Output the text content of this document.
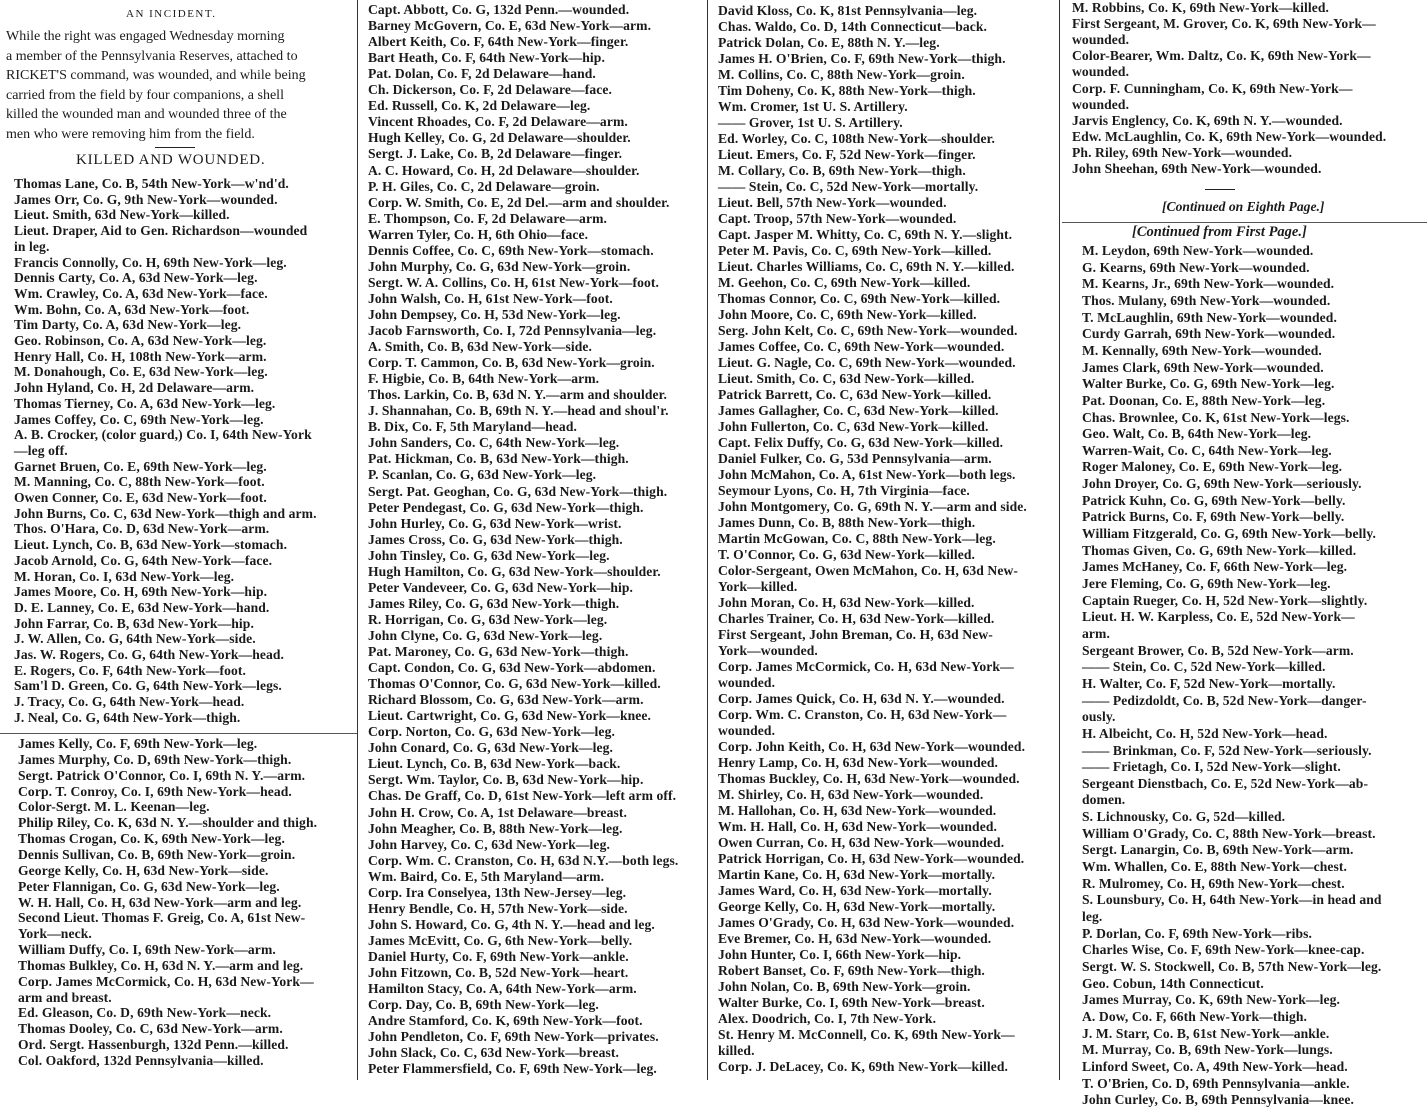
AN INCIDENT.
While the right was engaged Wednesday morning
a member of the Pennsylvania Reserves, attached to
RICKET'S command, was wounded, and while being
carried from the field by four companions, a shell
killed the wounded man and wounded three of the
men who were removing him from the field.
KILLED AND WOUNDED.
Thomas Lane, Co. B, 54th New-York—w'nd'd.
James Orr, Co. G, 9th New-York—wounded.
Lieut. Smith, 63d New-York—killed.
Lieut. Draper, Aid to Gen. Richardson—wounded
in leg.
Francis Connolly, Co. H, 69th New-York—leg.
Dennis Carty, Co. A, 63d New-York—leg.
Wm. Crawley, Co. A, 63d New-York—face.
Wm. Bohn, Co. A, 63d New-York—foot.
Tim Darty, Co. A, 63d New-York—leg.
Geo. Robinson, Co. A, 63d New-York—leg.
Henry Hall, Co. H, 108th New-York—arm.
M. Donahough, Co. E, 63d New-York—leg.
John Hyland, Co. H, 2d Delaware—arm.
Thomas Tierney, Co. A, 63d New-York—leg.
James Coffey, Co. C, 69th New-York—leg.
A. B. Crocker, (color guard,) Co. I, 64th New-York
—leg off.
Garnet Bruen, Co. E, 69th New-York—leg.
M. Manning, Co. C, 88th New-York—foot.
Owen Conner, Co. E, 63d New-York—foot.
John Burns, Co. C, 63d New-York—thigh and arm.
Thos. O'Hara, Co. D, 63d New-York—arm.
Lieut. Lynch, Co. B, 63d New-York—stomach.
Jacob Arnold, Co. G, 64th New-York—face.
M. Horan, Co. I, 63d New-York—leg.
James Moore, Co. H, 69th New-York—hip.
D. E. Lanney, Co. E, 63d New-York—hand.
John Farrar, Co. B, 63d New-York—hip.
J. W. Allen, Co. G, 64th New-York—side.
Jas. W. Rogers, Co. G, 64th New-York—head.
E. Rogers, Co. F, 64th New-York—foot.
Sam'l D. Green, Co. G, 64th New-York—legs.
J. Tracy, Co. G, 64th New-York—head.
J. Neal, Co. G, 64th New-York—thigh.
James Kelly, Co. F, 69th New-York—leg.
James Murphy, Co. D, 69th New-York—thigh.
Sergt. Patrick O'Connor, Co. I, 69th N. Y.—arm.
Corp. T. Conroy, Co. I, 69th New-York—head.
Color-Sergt. M. L. Keenan—leg.
Philip Riley, Co. K, 63d N. Y.—shoulder and thigh.
Thomas Crogan, Co. K, 69th New-York—leg.
Dennis Sullivan, Co. B, 69th New-York—groin.
George Kelly, Co. H, 63d New-York—side.
Peter Flannigan, Co. G, 63d New-York—leg.
W. H. Hall, Co. H, 63d New-York—arm and leg.
Second Lieut. Thomas F. Greig, Co. A, 61st New-
York—neck.
William Duffy, Co. I, 69th New-York—arm.
Thomas Bulkley, Co. H, 63d N. Y.—arm and leg.
Corp. James McCormick, Co. H, 63d New-York—
arm and breast.
Ed. Gleason, Co. D, 69th New-York—neck.
Thomas Dooley, Co. C, 63d New-York—arm.
Ord. Sergt. Hassenburgh, 132d Penn.—killed.
Col. Oakford, 132d Pennsylvania—killed.
Capt. Abbott, Co. G, 132d Penn.—wounded.
Barney McGovern, Co. E, 63d New-York—arm.
Albert Keith, Co. F, 64th New-York—finger.
Bart Heath, Co. F, 64th New-York—hip.
Pat. Dolan, Co. F, 2d Delaware—hand.
Ch. Dickerson, Co. F, 2d Delaware—face.
Ed. Russell, Co. K, 2d Delaware—leg.
Vincent Rhoades, Co. F, 2d Delaware—arm.
Hugh Kelley, Co. G, 2d Delaware—shoulder.
Sergt. J. Lake, Co. B, 2d Delaware—finger.
A. C. Howard, Co. H, 2d Delaware—shoulder.
P. H. Giles, Co. C, 2d Delaware—groin.
Corp. W. Smith, Co. E, 2d Del.—arm and shoulder.
E. Thompson, Co. F, 2d Delaware—arm.
Warren Tyler, Co. H, 6th Ohio—face.
Dennis Coffee, Co. C, 69th New-York—stomach.
John Murphy, Co. G, 63d New-York—groin.
Sergt. W. A. Collins, Co. H, 61st New-York—foot.
John Walsh, Co. H, 61st New-York—foot.
John Dempsey, Co. H, 53d New-York—leg.
Jacob Farnsworth, Co. I, 72d Pennsylvania—leg.
A. Smith, Co. B, 63d New-York—side.
Corp. T. Cammon, Co. B, 63d New-York—groin.
F. Higbie, Co. B, 64th New-York—arm.
Thos. Larkin, Co. B, 63d N. Y.—arm and shoulder.
J. Shannahan, Co. B, 69th N. Y.—head and shoul'r.
B. Dix, Co. F, 5th Maryland—head.
John Sanders, Co. C, 64th New-York—leg.
Pat. Hickman, Co. B, 63d New-York—thigh.
P. Scanlan, Co. G, 63d New-York—leg.
Sergt. Pat. Geoghan, Co. G, 63d New-York—thigh.
Peter Pendegast, Co. G, 63d New-York—thigh.
John Hurley, Co. G, 63d New-York—wrist.
James Cross, Co. G, 63d New-York—thigh.
John Tinsley, Co. G, 63d New-York—leg.
Hugh Hamilton, Co. G, 63d New-York—shoulder.
Peter Vandeveer, Co. G, 63d New-York—hip.
James Riley, Co. G, 63d New-York—thigh.
R. Horrigan, Co. G, 63d New-York—leg.
John Clyne, Co. G, 63d New-York—leg.
Pat. Maroney, Co. G, 63d New-York—thigh.
Capt. Condon, Co. G, 63d New-York—abdomen.
Thomas O'Connor, Co. G, 63d New-York—killed.
Richard Blossom, Co. G, 63d New-York—arm.
Lieut. Cartwright, Co. G, 63d New-York—knee.
Corp. Norton, Co. G, 63d New-York—leg.
John Conard, Co. G, 63d New-York—leg.
Lieut. Lynch, Co. B, 63d New-York—back.
Sergt. Wm. Taylor, Co. B, 63d New-York—hip.
Chas. De Graff, Co. D, 61st New-York—left arm off.
John H. Crow, Co. A, 1st Delaware—breast.
John Meagher, Co. B, 88th New-York—leg.
John Harvey, Co. C, 63d New-York—leg.
Corp. Wm. C. Cranston, Co. H, 63d N.Y.—both legs.
Wm. Baird, Co. E, 5th Maryland—arm.
Corp. Ira Conselyea, 13th New-Jersey—leg.
Henry Bendle, Co. H, 57th New-York—side.
John S. Howard, Co. G, 4th N. Y.—head and leg.
James McEvitt, Co. G, 6th New-York—belly.
Daniel Hurty, Co. F, 69th New-York—ankle.
John Fitzown, Co. B, 52d New-York—heart.
Hamilton Stacy, Co. A, 64th New-York—arm.
Corp. Day, Co. B, 69th New-York—leg.
Andre Stamford, Co. K, 69th New-York—foot.
John Pendleton, Co. F, 69th New-York—privates.
John Slack, Co. C, 63d New-York—breast.
Peter Flammersfield, Co. F, 69th New-York—leg.
David Kloss, Co. K, 81st Pennsylvania—leg.
Chas. Waldo, Co. D, 14th Connecticut—back.
Patrick Dolan, Co. E, 88th N. Y.—leg.
James H. O'Brien, Co. F, 69th New-York—thigh.
M. Collins, Co. C, 88th New-York—groin.
Tim Doheny, Co. K, 88th New-York—thigh.
Wm. Cromer, 1st U. S. Artillery.
—— Grover, 1st U. S. Artillery.
Ed. Worley, Co. C, 108th New-York—shoulder.
Lieut. Emers, Co. F, 52d New-York—finger.
M. Collary, Co. B, 69th New-York—thigh.
—— Stein, Co. C, 52d New-York—mortally.
Lieut. Bell, 57th New-York—wounded.
Capt. Troop, 57th New-York—wounded.
Capt. Jasper M. Whitty, Co. C, 69th N. Y.—slight.
Peter M. Pavis, Co. C, 69th New-York—killed.
Lieut. Charles Williams, Co. C, 69th N. Y.—killed.
M. Geehon, Co. C, 69th New-York—killed.
Thomas Connor, Co. C, 69th New-York—killed.
John Moore, Co. C, 69th New-York—killed.
Serg. John Kelt, Co. C, 69th New-York—wounded.
James Coffee, Co. C, 69th New-York—wounded.
Lieut. G. Nagle, Co. C, 69th New-York—wounded.
Lieut. Smith, Co. C, 63d New-York—killed.
Patrick Barrett, Co. C, 63d New-York—killed.
James Gallagher, Co. C, 63d New-York—killed.
John Fullerton, Co. C, 63d New-York—killed.
Capt. Felix Duffy, Co. G, 63d New-York—killed.
Daniel Fulker, Co. G, 53d Pennsylvania—arm.
John McMahon, Co. A, 61st New-York—both legs.
Seymour Lyons, Co. H, 7th Virginia—face.
John Montgomery, Co. G, 69th N. Y.—arm and side.
James Dunn, Co. B, 88th New-York—thigh.
Martin McGowan, Co. C, 88th New-York—leg.
T. O'Connor, Co. G, 63d New-York—killed.
Color-Sergeant, Owen McMahon, Co. H, 63d New-
York—killed.
John Moran, Co. H, 63d New-York—killed.
Charles Trainer, Co. H, 63d New-York—killed.
First Sergeant, John Breman, Co. H, 63d New-
York—wounded.
Corp. James McCormick, Co. H, 63d New-York—
wounded.
Corp. James Quick, Co. H, 63d N. Y.—wounded.
Corp. Wm. C. Cranston, Co. H, 63d New-York—
wounded.
Corp. John Keith, Co. H, 63d New-York—wounded.
Henry Lamp, Co. H, 63d New-York—wounded.
Thomas Buckley, Co. H, 63d New-York—wounded.
M. Shirley, Co. H, 63d New-York—wounded.
M. Hallohan, Co. H, 63d New-York—wounded.
Wm. H. Hall, Co. H, 63d New-York—wounded.
Owen Curran, Co. H, 63d New-York—wounded.
Patrick Horrigan, Co. H, 63d New-York—wounded.
Martin Kane, Co. H, 63d New-York—mortally.
James Ward, Co. H, 63d New-York—mortally.
George Kelly, Co. H, 63d New-York—mortally.
James O'Grady, Co. H, 63d New-York—wounded.
Eve Bremer, Co. H, 63d New-York—wounded.
John Hunter, Co. I, 66th New-York—hip.
Robert Banset, Co. F, 69th New-York—thigh.
John Nolan, Co. B, 69th New-York—groin.
Walter Burke, Co. I, 69th New-York—breast.
Alex. Doodrich, Co. I, 7th New-York.
St. Henry M. McConnell, Co. K, 69th New-York—
killed.
Corp. J. DeLacey, Co. K, 69th New-York—killed.
M. Robbins, Co. K, 69th New-York—killed.
First Sergeant, M. Grover, Co. K, 69th New-York—
wounded.
Color-Bearer, Wm. Daltz, Co. K, 69th New-York—
wounded.
Corp. F. Cunningham, Co. K, 69th New-York—
wounded.
Jarvis Englency, Co. K, 69th N. Y.—wounded.
Edw. McLaughlin, Co. K, 69th New-York—wounded.
Ph. Riley, 69th New-York—wounded.
John Sheehan, 69th New-York—wounded.
[Continued on Eighth Page.]
[Continued from First Page.]
M. Leydon, 69th New-York—wounded.
G. Kearns, 69th New-York—wounded.
M. Kearns, Jr., 69th New-York—wounded.
Thos. Mulany, 69th New-York—wounded.
T. McLaughlin, 69th New-York—wounded.
Curdy Garrah, 69th New-York—wounded.
M. Kennally, 69th New-York—wounded.
James Clark, 69th New-York—wounded.
Walter Burke, Co. G, 69th New-York—leg.
Pat. Doonan, Co. E, 88th New-York—leg.
Chas. Brownlee, Co. K, 61st New-York—legs.
Geo. Walt, Co. B, 64th New-York—leg.
Warren-Wait, Co. C, 64th New-York—leg.
Roger Maloney, Co. E, 69th New-York—leg.
John Droyer, Co. G, 69th New-York—seriously.
Patrick Kuhn, Co. G, 69th New-York—belly.
Patrick Burns, Co. F, 69th New-York—belly.
William Fitzgerald, Co. G, 69th New-York—belly.
Thomas Given, Co. G, 69th New-York—killed.
James McHaney, Co. F, 66th New-York—leg.
Jere Fleming, Co. G, 69th New-York—leg.
Captain Rueger, Co. H, 52d New-York—slightly.
Lieut. H. W. Karpless, Co. E, 52d New-York—
arm.
Sergeant Brower, Co. B, 52d New-York—arm.
—— Stein, Co. C, 52d New-York—killed.
H. Walter, Co. F, 52d New-York—mortally.
—— Pedizdoldt, Co. B, 52d New-York—danger-
ously.
H. Albeicht, Co. H, 52d New-York—head.
—— Brinkman, Co. F, 52d New-York—seriously.
—— Frietagh, Co. I, 52d New-York—slight.
Sergeant Dienstbach, Co. E, 52d New-York—ab-
domen.
S. Lichnousky, Co. G, 52d—killed.
William O'Grady, Co. C, 88th New-York—breast.
Sergt. Lanargin, Co. B, 69th New-York—arm.
Wm. Whallen, Co. E, 88th New-York—chest.
R. Mulromey, Co. H, 69th New-York—chest.
S. Lounsbury, Co. H, 64th New-York—in head and
leg.
P. Dorlan, Co. F, 69th New-York—ribs.
Charles Wise, Co. F, 69th New-York—knee-cap.
Sergt. W. S. Stockwell, Co. B, 57th New-York—leg.
Geo. Cobun, 14th Connecticut.
James Murray, Co. K, 69th New-York—leg.
A. Dow, Co. F, 66th New-York—thigh.
J. M. Starr, Co. B, 61st New-York—ankle.
M. Murray, Co. B, 69th New-York—lungs.
Linford Sweet, Co. A, 49th New-York—head.
T. O'Brien, Co. D, 69th Pennsylvania—ankle.
John Curley, Co. B, 69th Pennsylvania—knee.
